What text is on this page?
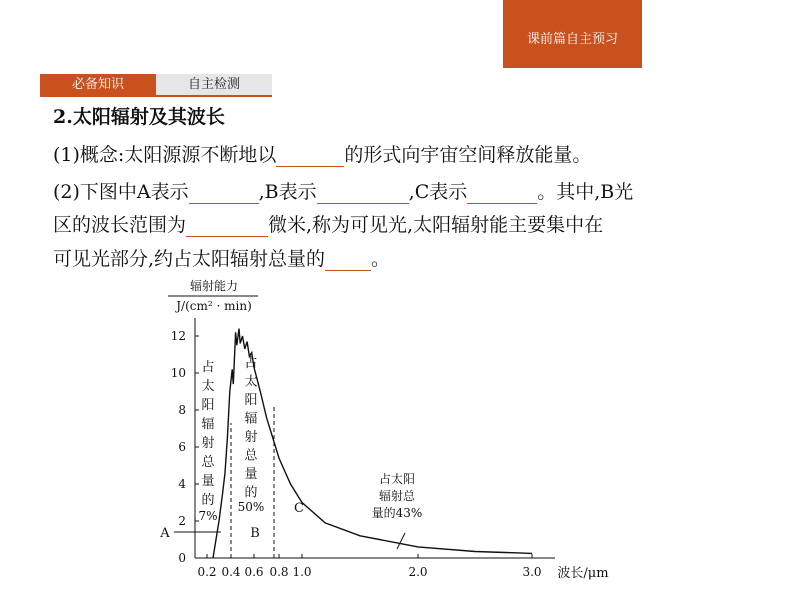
课前篇自主预习
必备知识	自主检测
2.太阳辐射及其波长
(1)概念:太阳源源不断地以	的形式向宇宙空间释放能量。
(2)下图中A表示	,B表示	,C表示	。其中,B光
区的波长范围为	微米,称为可见光,太阳辐射能主要集中在
可见光部分,约占太阳辐射总量的 。
辐射能力
J/(cm² · min)
0
2
4
6
8
10
12
0.2 0.4 0.6 0.8 1.0	2.0	3.0
占
太
阳
辐
射
总
量
的
7%
A
占
太
阳
辐
射
总
量
的
50%
B
占太阳
辐射总
量的43%
C
波长/μm
